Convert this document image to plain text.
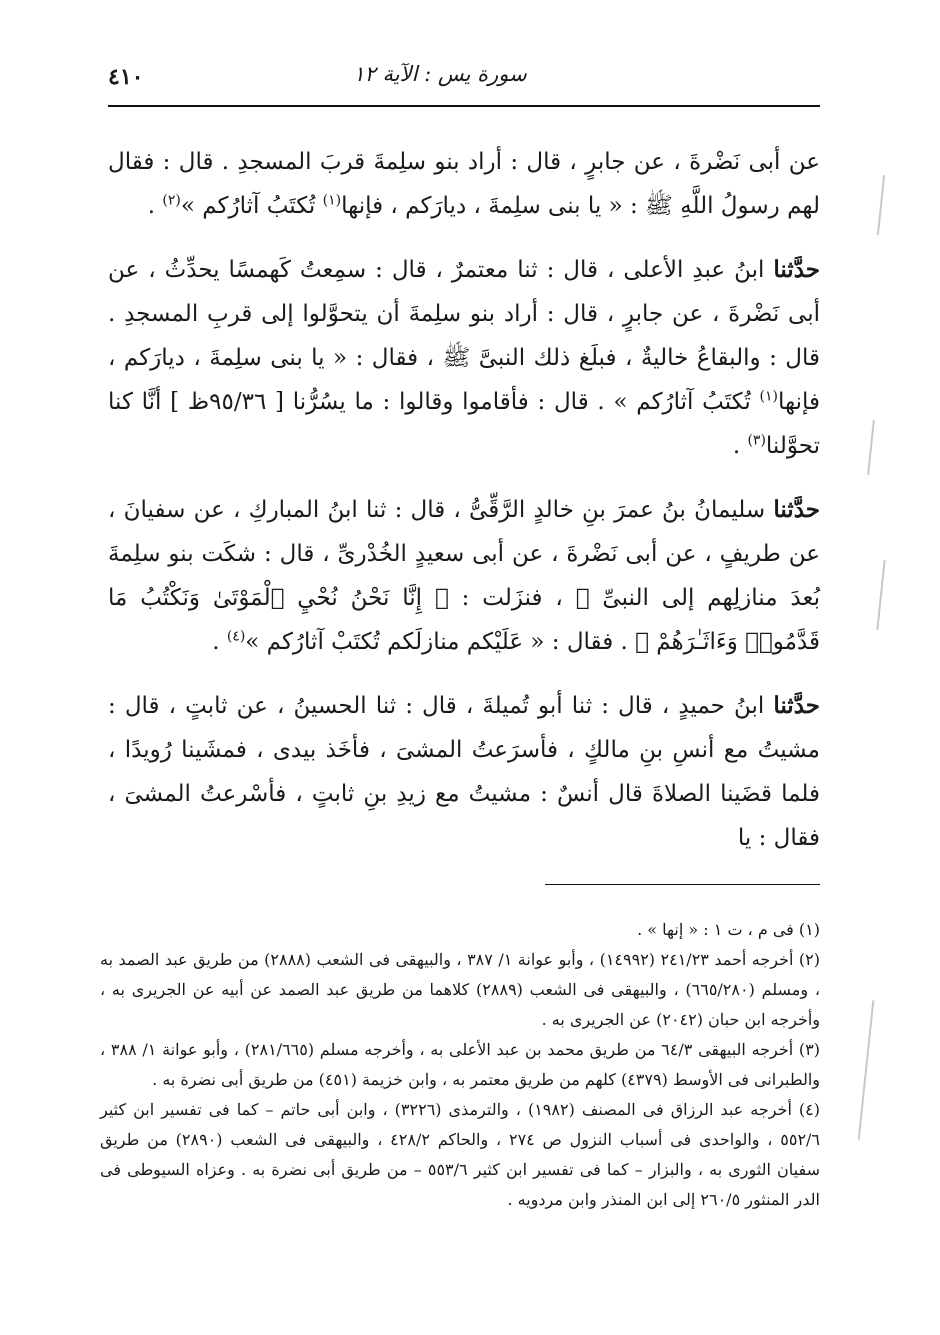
٤١٠	سورة يس : الآية ١٢

عن أبى نَضْرةَ ، عن جابرٍ ، قال : أراد بنو سلِمةَ قربَ المسجدِ . قال : فقال لهم رسولُ اللَّهِ ﷺ : « يا بنى سلِمةَ ، ديارَكم ، فإنها$^{(١)}$ تُكتَبُ آثارُكم »$^{(٢)}$ .

حدَّثنا ابنُ عبدِ الأعلى ، قال : ثنا معتمرٌ ، قال : سمِعتُ كَهمسًا يحدِّثُ ، عن أبى نَضْرةَ ، عن جابرٍ ، قال : أراد بنو سلِمةَ أن يتحوَّلوا إلى قربِ المسجدِ . قال : والبقاعُ خاليةٌ ، فبلَغ ذلك النبىَّ ﷺ ، فقال : « يا بنى سلِمةَ ، ديارَكم ، فإنها$^{(١)}$ تُكتَبُ آثارُكم » . قال : فأقاموا وقالوا : ما يسُرُّنا [ ٩٥/٣٦ظ ] أنَّا كنا تحوَّلنا$^{(٣)}$ .

حدَّثنا سليمانُ بنُ عمرَ بنِ خالدٍ الرَّقِّىُّ ، قال : ثنا ابنُ المباركِ ، عن سفيانَ ، عن طريفٍ ، عن أبى نَضْرةَ ، عن أبى سعيدٍ الخُدْرىِّ ، قال : شكَت بنو سلِمةَ بُعدَ منازلِهم إلى النبىِّ ﷺ ، فنزَلت : ﴿ إِنَّا نَحْنُ نُحْيِ ٱلْمَوْتَىٰ وَنَكْتُبُ مَا قَدَّمُوا۟ وَءَاثَـٰرَهُمْ ﴾ . فقال : « عَلَيْكم منازلَكم تُكتَبْ آثارُكم »$^{(٤)}$ .

حدَّثنا ابنُ حميدٍ ، قال : ثنا أبو تُميلةَ ، قال : ثنا الحسينُ ، عن ثابتٍ ، قال : مشيتُ مع أنسِ بنِ مالكٍ ، فأسرَعتُ المشىَ ، فأخَذ بيدى ، فمشَينا رُويدًا ، فلما قضَينا الصلاةَ قال أنسٌ : مشيتُ مع زيدِ بنِ ثابتٍ ، فأسْرعتُ المشىَ ، فقال : يا

(١) فى م ، ت ١ : « إنها » .

(٢) أخرجه أحمد ٢٤١/٢٣ (١٤٩٩٢) ، وأبو عوانة ١/ ٣٨٧ ، والبيهقى فى الشعب (٢٨٨٨) من طريق عبد الصمد به ، ومسلم (٦٦٥/٢٨٠) ، والبيهقى فى الشعب (٢٨٨٩) كلاهما من طريق عبد الصمد عن أبيه عن الجريرى به ، وأخرجه ابن حبان (٢٠٤٢) عن الجريرى به .

(٣) أخرجه البيهقى ٦٤/٣ من طريق محمد بن عبد الأعلى به ، وأخرجه مسلم (٢٨١/٦٦٥) ، وأبو عوانة ١/ ٣٨٨ ، والطبرانى فى الأوسط (٤٣٧٩) كلهم من طريق معتمر به ، وابن خزيمة (٤٥١) من طريق أبى نضرة به .

(٤) أخرجه عبد الرزاق فى المصنف (١٩٨٢) ، والترمذى (٣٢٢٦) ، وابن أبى حاتم – كما فى تفسير ابن كثير ٥٥٢/٦ ، والواحدى فى أسباب النزول ص ٢٧٤ ، والحاكم ٤٢٨/٢ ، والبيهقى فى الشعب (٢٨٩٠) من طريق سفيان الثورى به ، والبزار – كما فى تفسير ابن كثير ٥٥٣/٦ – من طريق أبى نضرة به . وعزاه السيوطى فى الدر المنثور ٢٦٠/٥ إلى ابن المنذر وابن مردويه .
